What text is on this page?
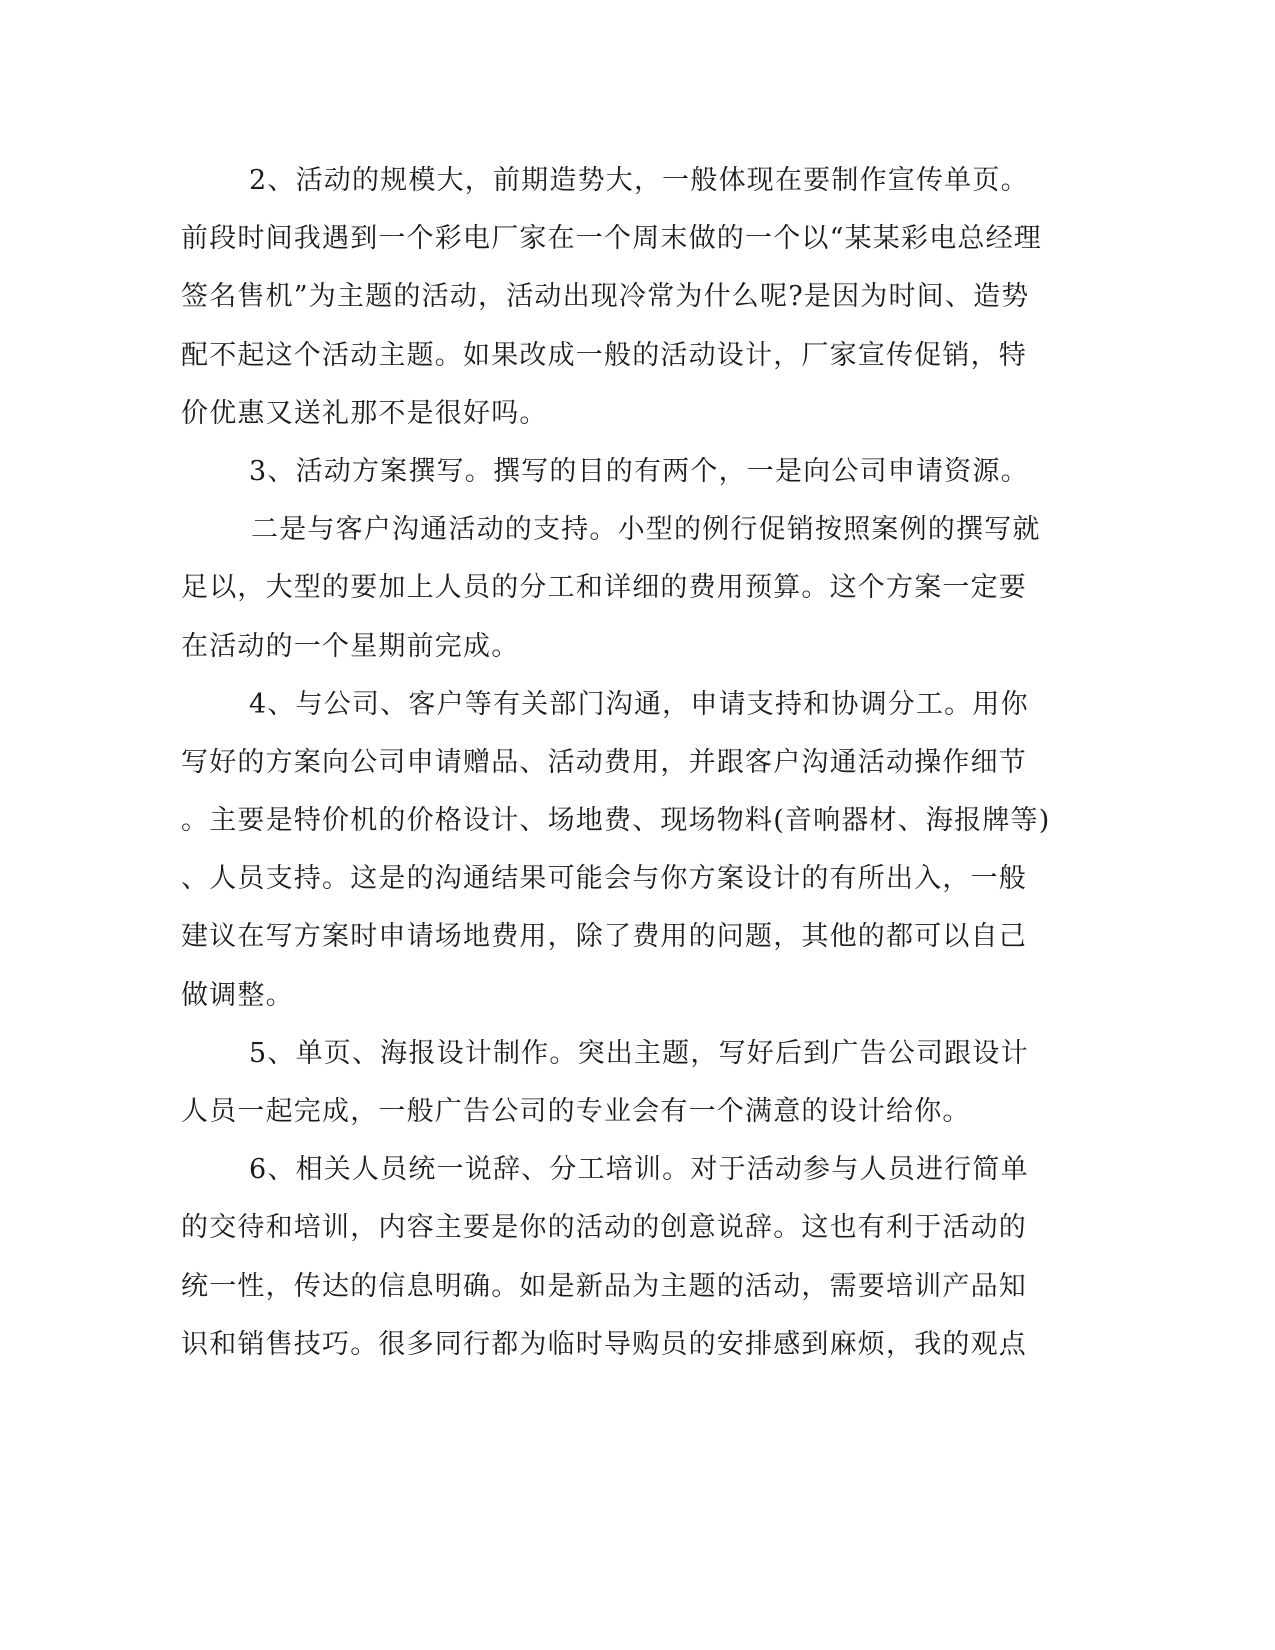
2、活动的规模大，前期造势大，一般体现在要制作宣传单页。
前段时间我遇到一个彩电厂家在一个周末做的一个以“某某彩电总经理
签名售机”为主题的活动，活动出现冷常为什么呢?是因为时间、造势
配不起这个活动主题。如果改成一般的活动设计，厂家宣传促销，特
价优惠又送礼那不是很好吗。
3、活动方案撰写。撰写的目的有两个，一是向公司申请资源。
二是与客户沟通活动的支持。小型的例行促销按照案例的撰写就
足以，大型的要加上人员的分工和详细的费用预算。这个方案一定要
在活动的一个星期前完成。
4、与公司、客户等有关部门沟通，申请支持和协调分工。用你
写好的方案向公司申请赠品、活动费用，并跟客户沟通活动操作细节
。主要是特价机的价格设计、场地费、现场物料(音响器材、海报牌等)
、人员支持。这是的沟通结果可能会与你方案设计的有所出入，一般
建议在写方案时申请场地费用，除了费用的问题，其他的都可以自己
做调整。
5、单页、海报设计制作。突出主题，写好后到广告公司跟设计
人员一起完成，一般广告公司的专业会有一个满意的设计给你。
6、相关人员统一说辞、分工培训。对于活动参与人员进行简单
的交待和培训，内容主要是你的活动的创意说辞。这也有利于活动的
统一性，传达的信息明确。如是新品为主题的活动，需要培训产品知
识和销售技巧。很多同行都为临时导购员的安排感到麻烦，我的观点
